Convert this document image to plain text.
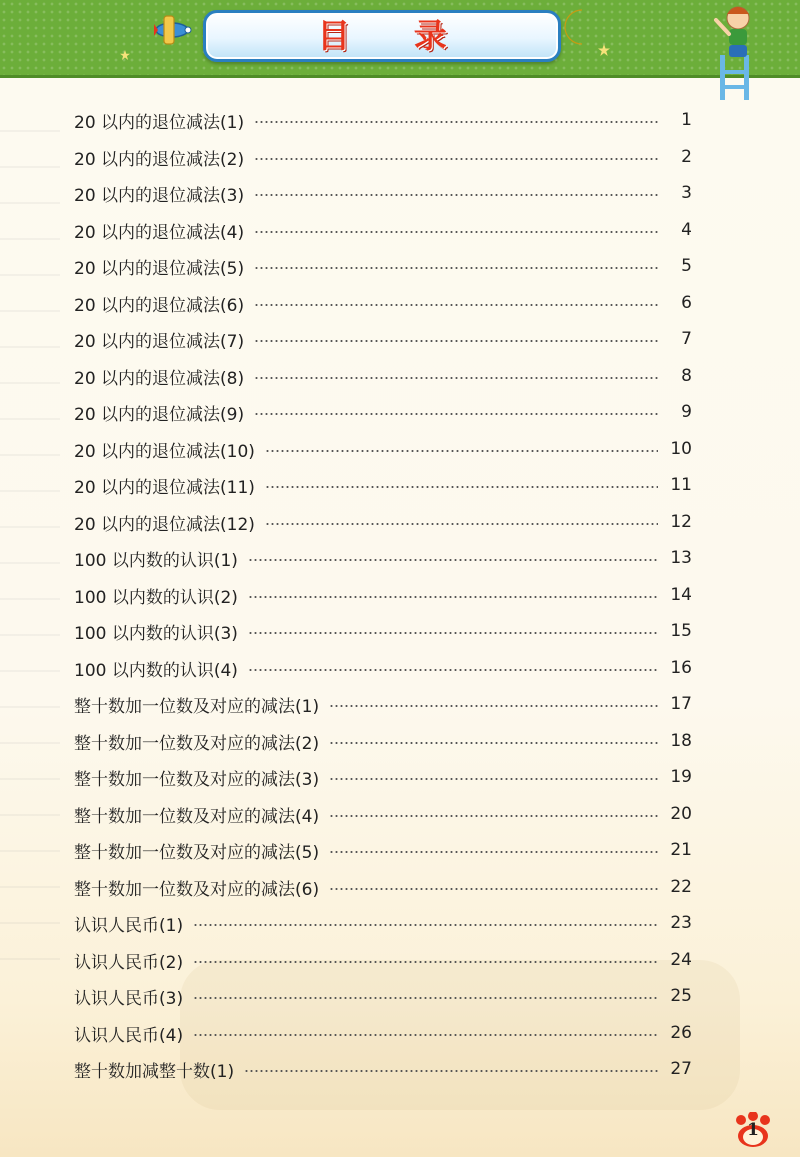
目 录
20 以内的退位减法(1)	1
20 以内的退位减法(2)	2
20 以内的退位减法(3)	3
20 以内的退位减法(4)	4
20 以内的退位减法(5)	5
20 以内的退位减法(6)	6
20 以内的退位减法(7)	7
20 以内的退位减法(8)	8
20 以内的退位减法(9)	9
20 以内的退位减法(10)	10
20 以内的退位减法(11)	11
20 以内的退位减法(12)	12
100 以内数的认识(1)	13
100 以内数的认识(2)	14
100 以内数的认识(3)	15
100 以内数的认识(4)	16
整十数加一位数及对应的减法(1)	17
整十数加一位数及对应的减法(2)	18
整十数加一位数及对应的减法(3)	19
整十数加一位数及对应的减法(4)	20
整十数加一位数及对应的减法(5)	21
整十数加一位数及对应的减法(6)	22
认识人民币(1)	23
认识人民币(2)	24
认识人民币(3)	25
认识人民币(4)	26
整十数加减整十数(1)	27
1
